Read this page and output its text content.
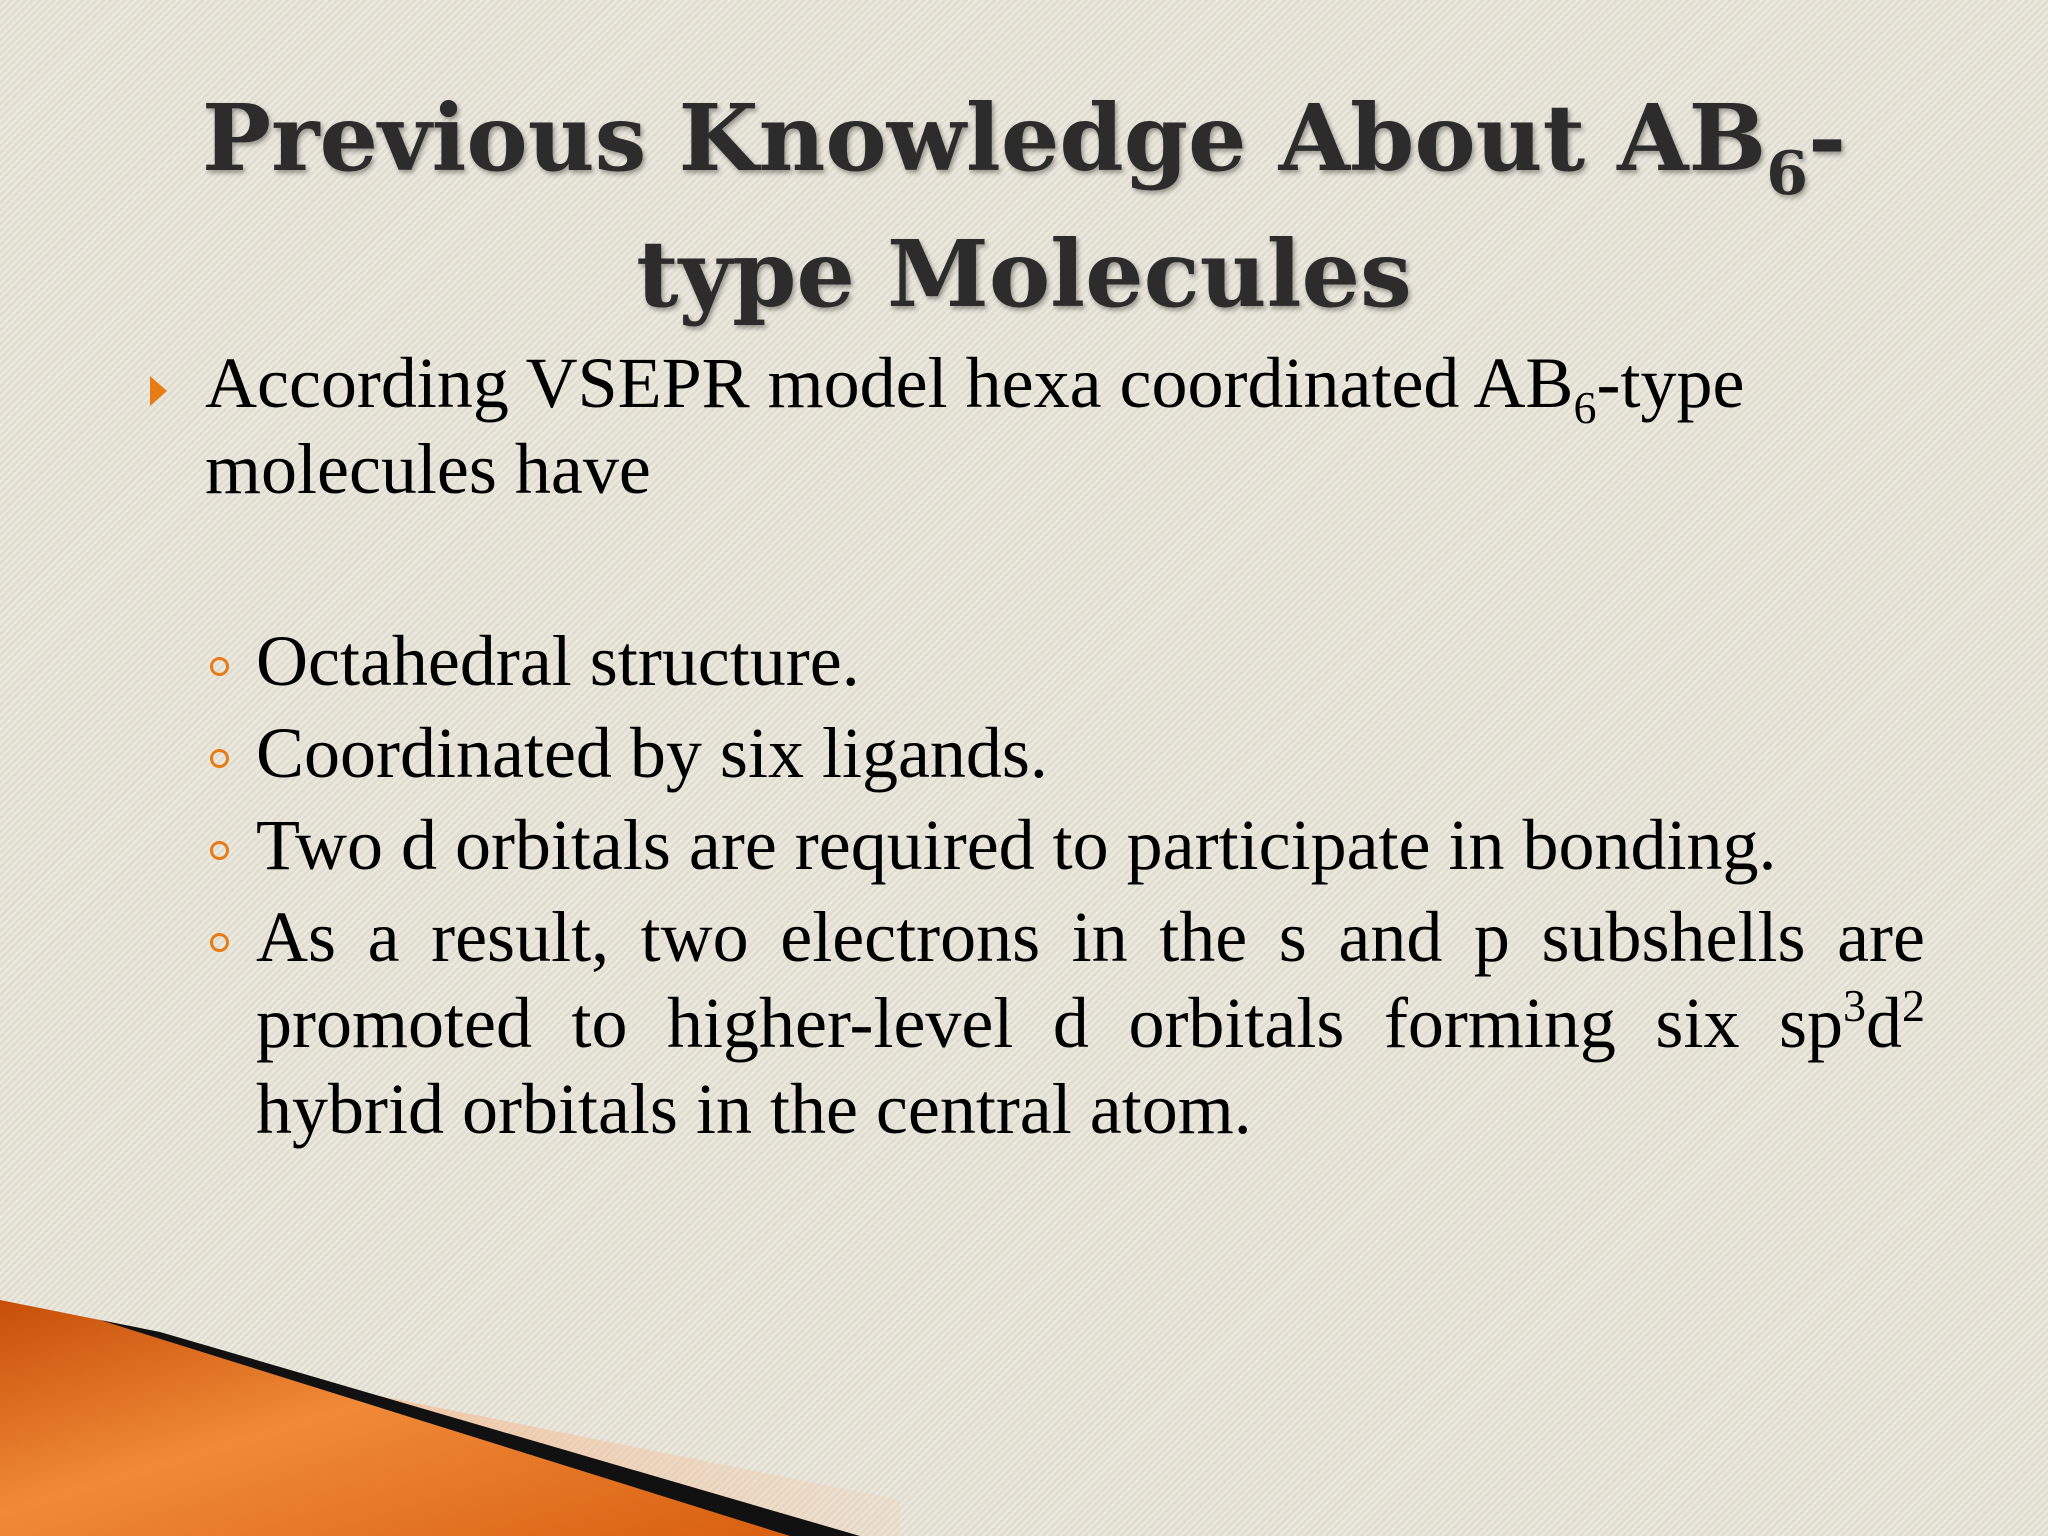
Previous Knowledge About $AB_6$-type Molecules
According VSEPR model hexa coordinated $AB_6$-type molecules have
Octahedral structure.
Coordinated by six ligands.
Two d orbitals are required to participate in bonding.
As a result, two electrons in the s and p subshells are promoted to higher-level d orbitals forming six $sp^3d^2$ hybrid orbitals in the central atom.
